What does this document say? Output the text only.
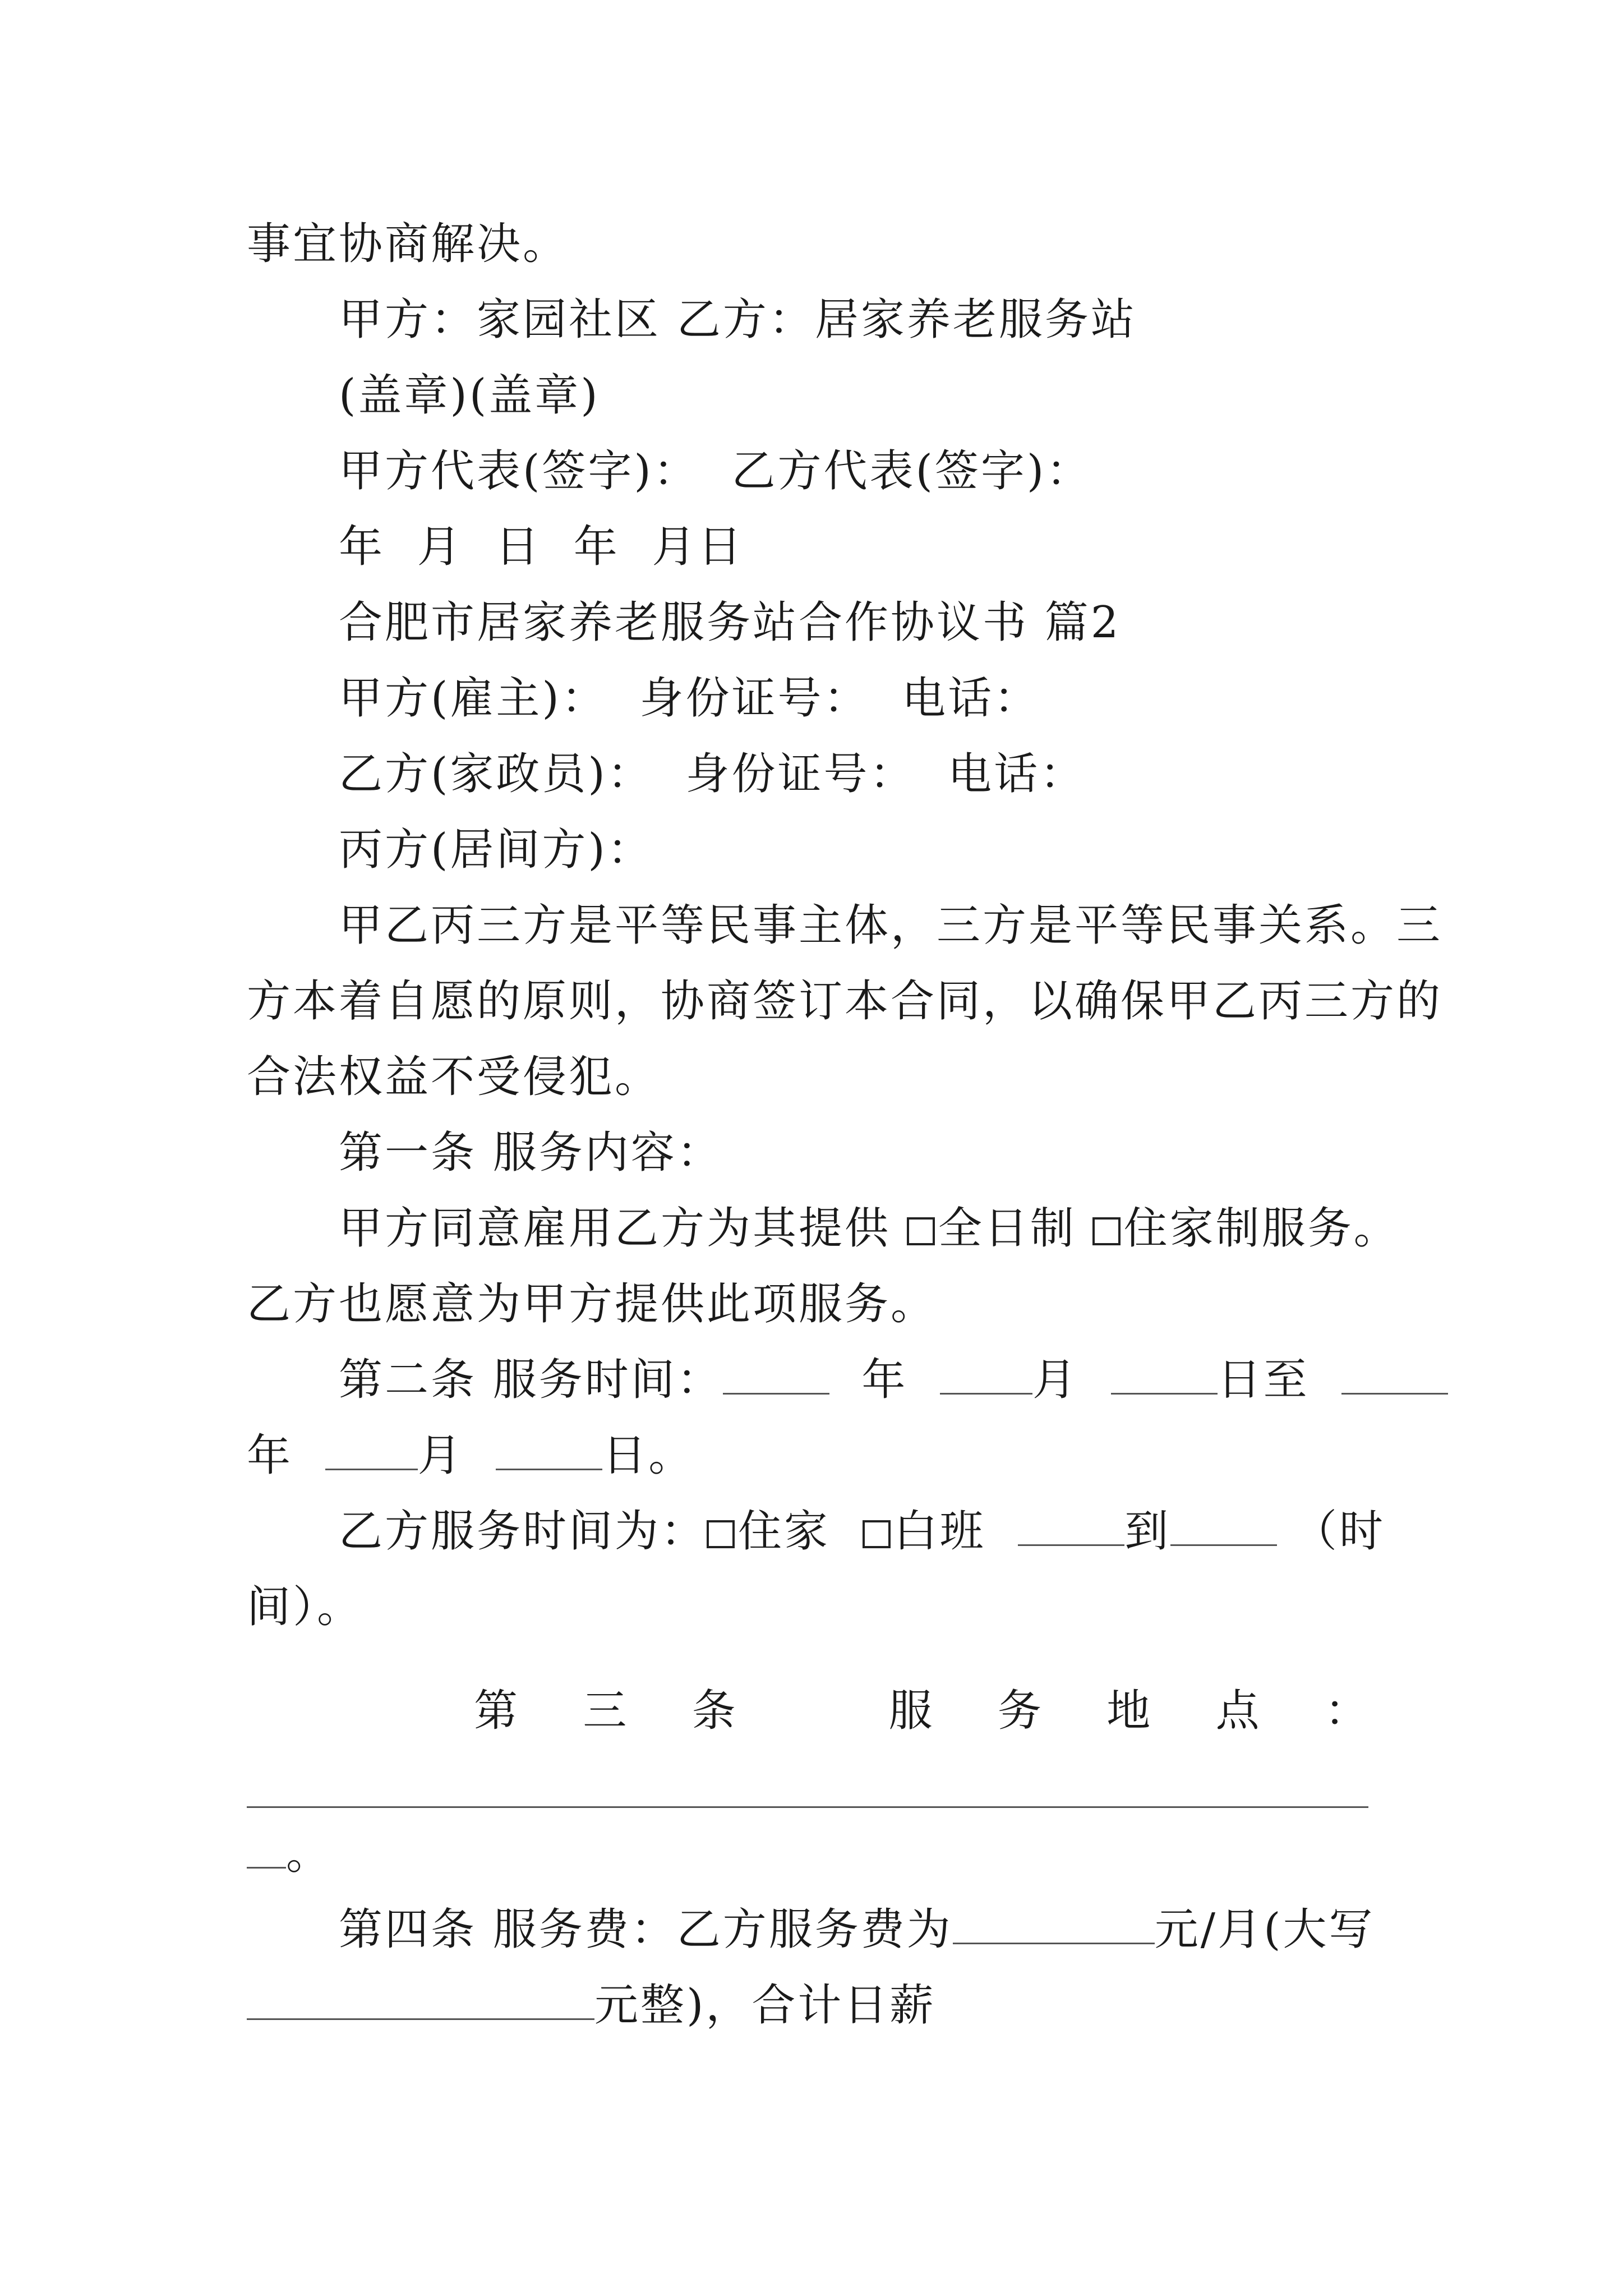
事宜协商解决。
甲方：家园社区 乙方：居家养老服务站
(盖章)(盖章)
甲方代表(签字)： 乙方代表(签字)：
年  月  日  年  月日
合肥市居家养老服务站合作协议书 篇2
甲方(雇主)： 身份证号： 电话：
乙方(家政员)： 身份证号： 电话：
丙方(居间方)：
甲乙丙三方是平等民事主体，三方是平等民事关系。三
方本着自愿的原则，协商签订本合同，以确保甲乙丙三方的
合法权益不受侵犯。
第一条 服务内容：
甲方同意雇用乙方为其提供 全日制 住家制服务。
乙方也愿意为甲方提供此项服务。
第二条 服务时间：	年	月	日至
年	月	日。
乙方服务时间为： 住家 白班	到	（时
间）。
第 三 条	服 务 地 点 ：
。
第四条 服务费：乙方服务费为	元/月(大写
元整)，合计日薪
